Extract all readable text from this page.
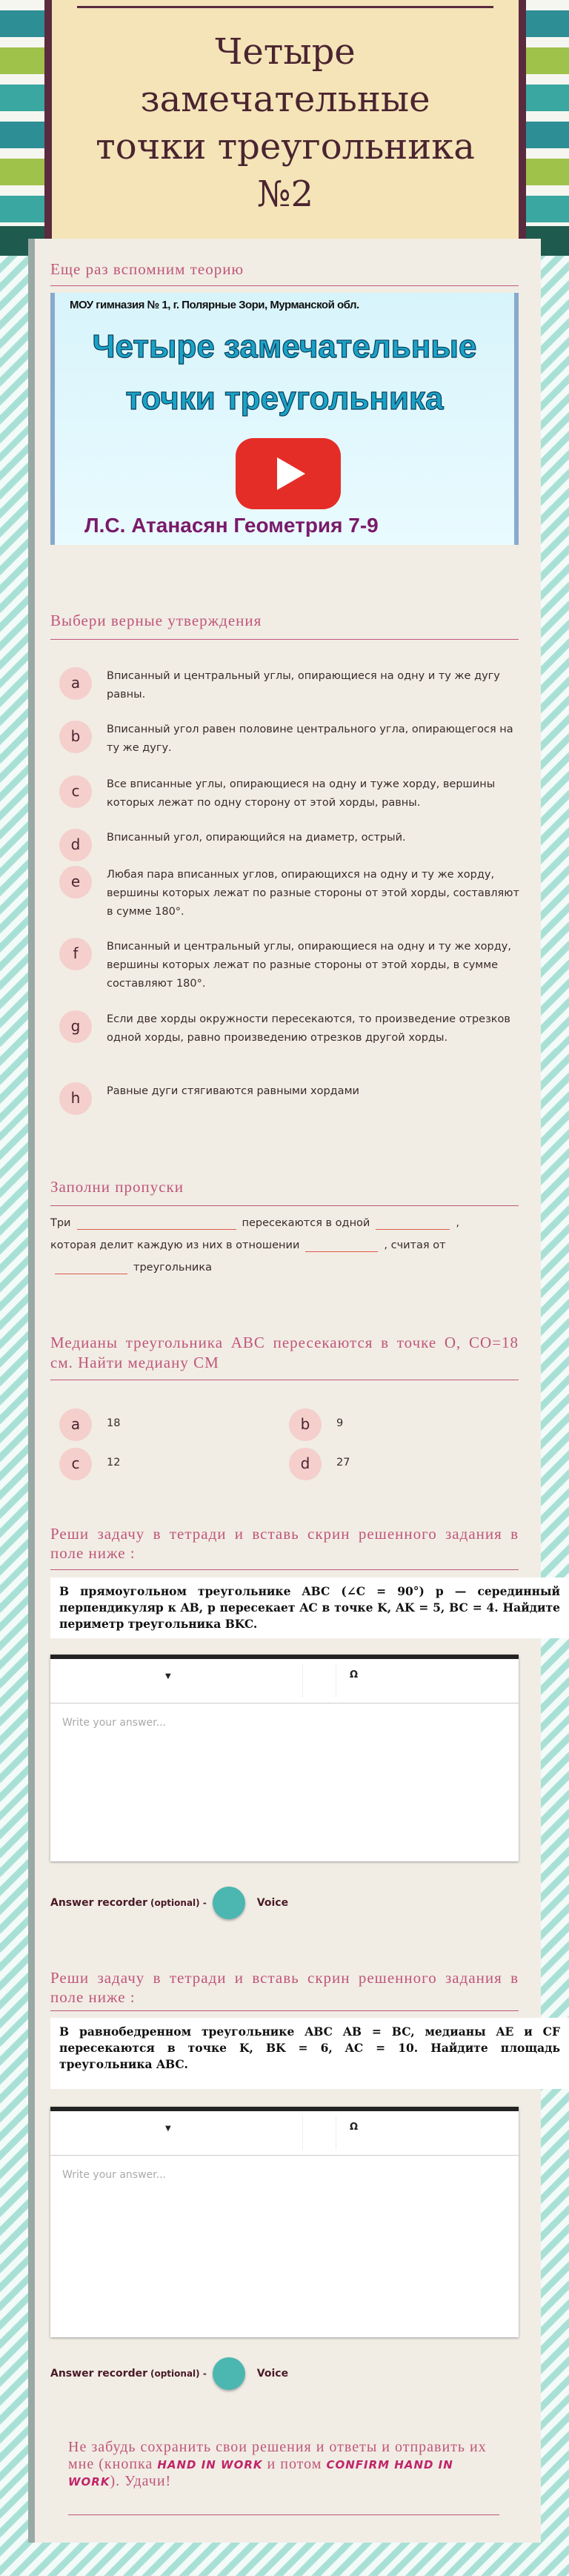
Четыре
замечательные
точки треугольника
№2
Еще раз вспомним теорию
МОУ гимназия № 1, г. Полярные Зори, Мурманской обл.
Четыре замечательные точки треугольника
Л.С. Атанасян Геометрия 7-9
Выбери верные утверждения
a	Вписанный и центральный углы, опирающиеся на одну и ту же дугу равны.
b	Вписанный угол равен половине центрального угла, опирающегося на ту же дугу.
c	Все вписанные углы, опирающиеся на одну и туже хорду, вершины которых лежат по одну сторону от этой хорды, равны.
d	Вписанный угол, опирающийся на диаметр, острый.
e	Любая пара вписанных углов, опирающихся на одну и ту же хорду, вершины которых лежат по разные стороны от этой хорды, составляют в сумме 180°.
f	Вписанный и центральный углы, опирающиеся на одну и ту же хорду, вершины которых лежат по разные стороны от этой хорды, в сумме составляют 180°.
g	Если две хорды окружности пересекаются, то произведение отрезков одной хорды, равно произведению отрезков другой хорды.
h	Равные дуги стягиваются равными хордами
Заполни пропуски
Три	пересекаются в одной	,
которая делит каждую из них в отношении	, считая от
треугольника
Медианы треугольника АВС пересекаются в точке О, СО=18 см. Найти медиану СМ
a	18	b	9
c	12	d	27
Реши задачу в тетради и вставь скрин решенного задания в поле ниже :
В прямоугольном треугольнике ABC (∠C = 90°) p — серединный перпендикуляр к AB, p пересекает AC в точке K, AK = 5, BC = 4. Найдите периметр треугольника BKC.
▼	Ω
Write your answer...
Answer recorder (optional) -	Voice
Реши задачу в тетради и вставь скрин решенного задания в поле ниже :
В равнобедренном треугольнике ABC AB = BC, медианы AE и CF пересекаются в точке K, BK = 6, AC = 10. Найдите площадь треугольника ABC.
▼	Ω
Write your answer...
Answer recorder (optional) -	Voice
Не забудь сохранить свои решения и ответы и отправить их мне (кнопка HAND IN WORK и потом CONFIRM HAND IN WORK). Удачи!
